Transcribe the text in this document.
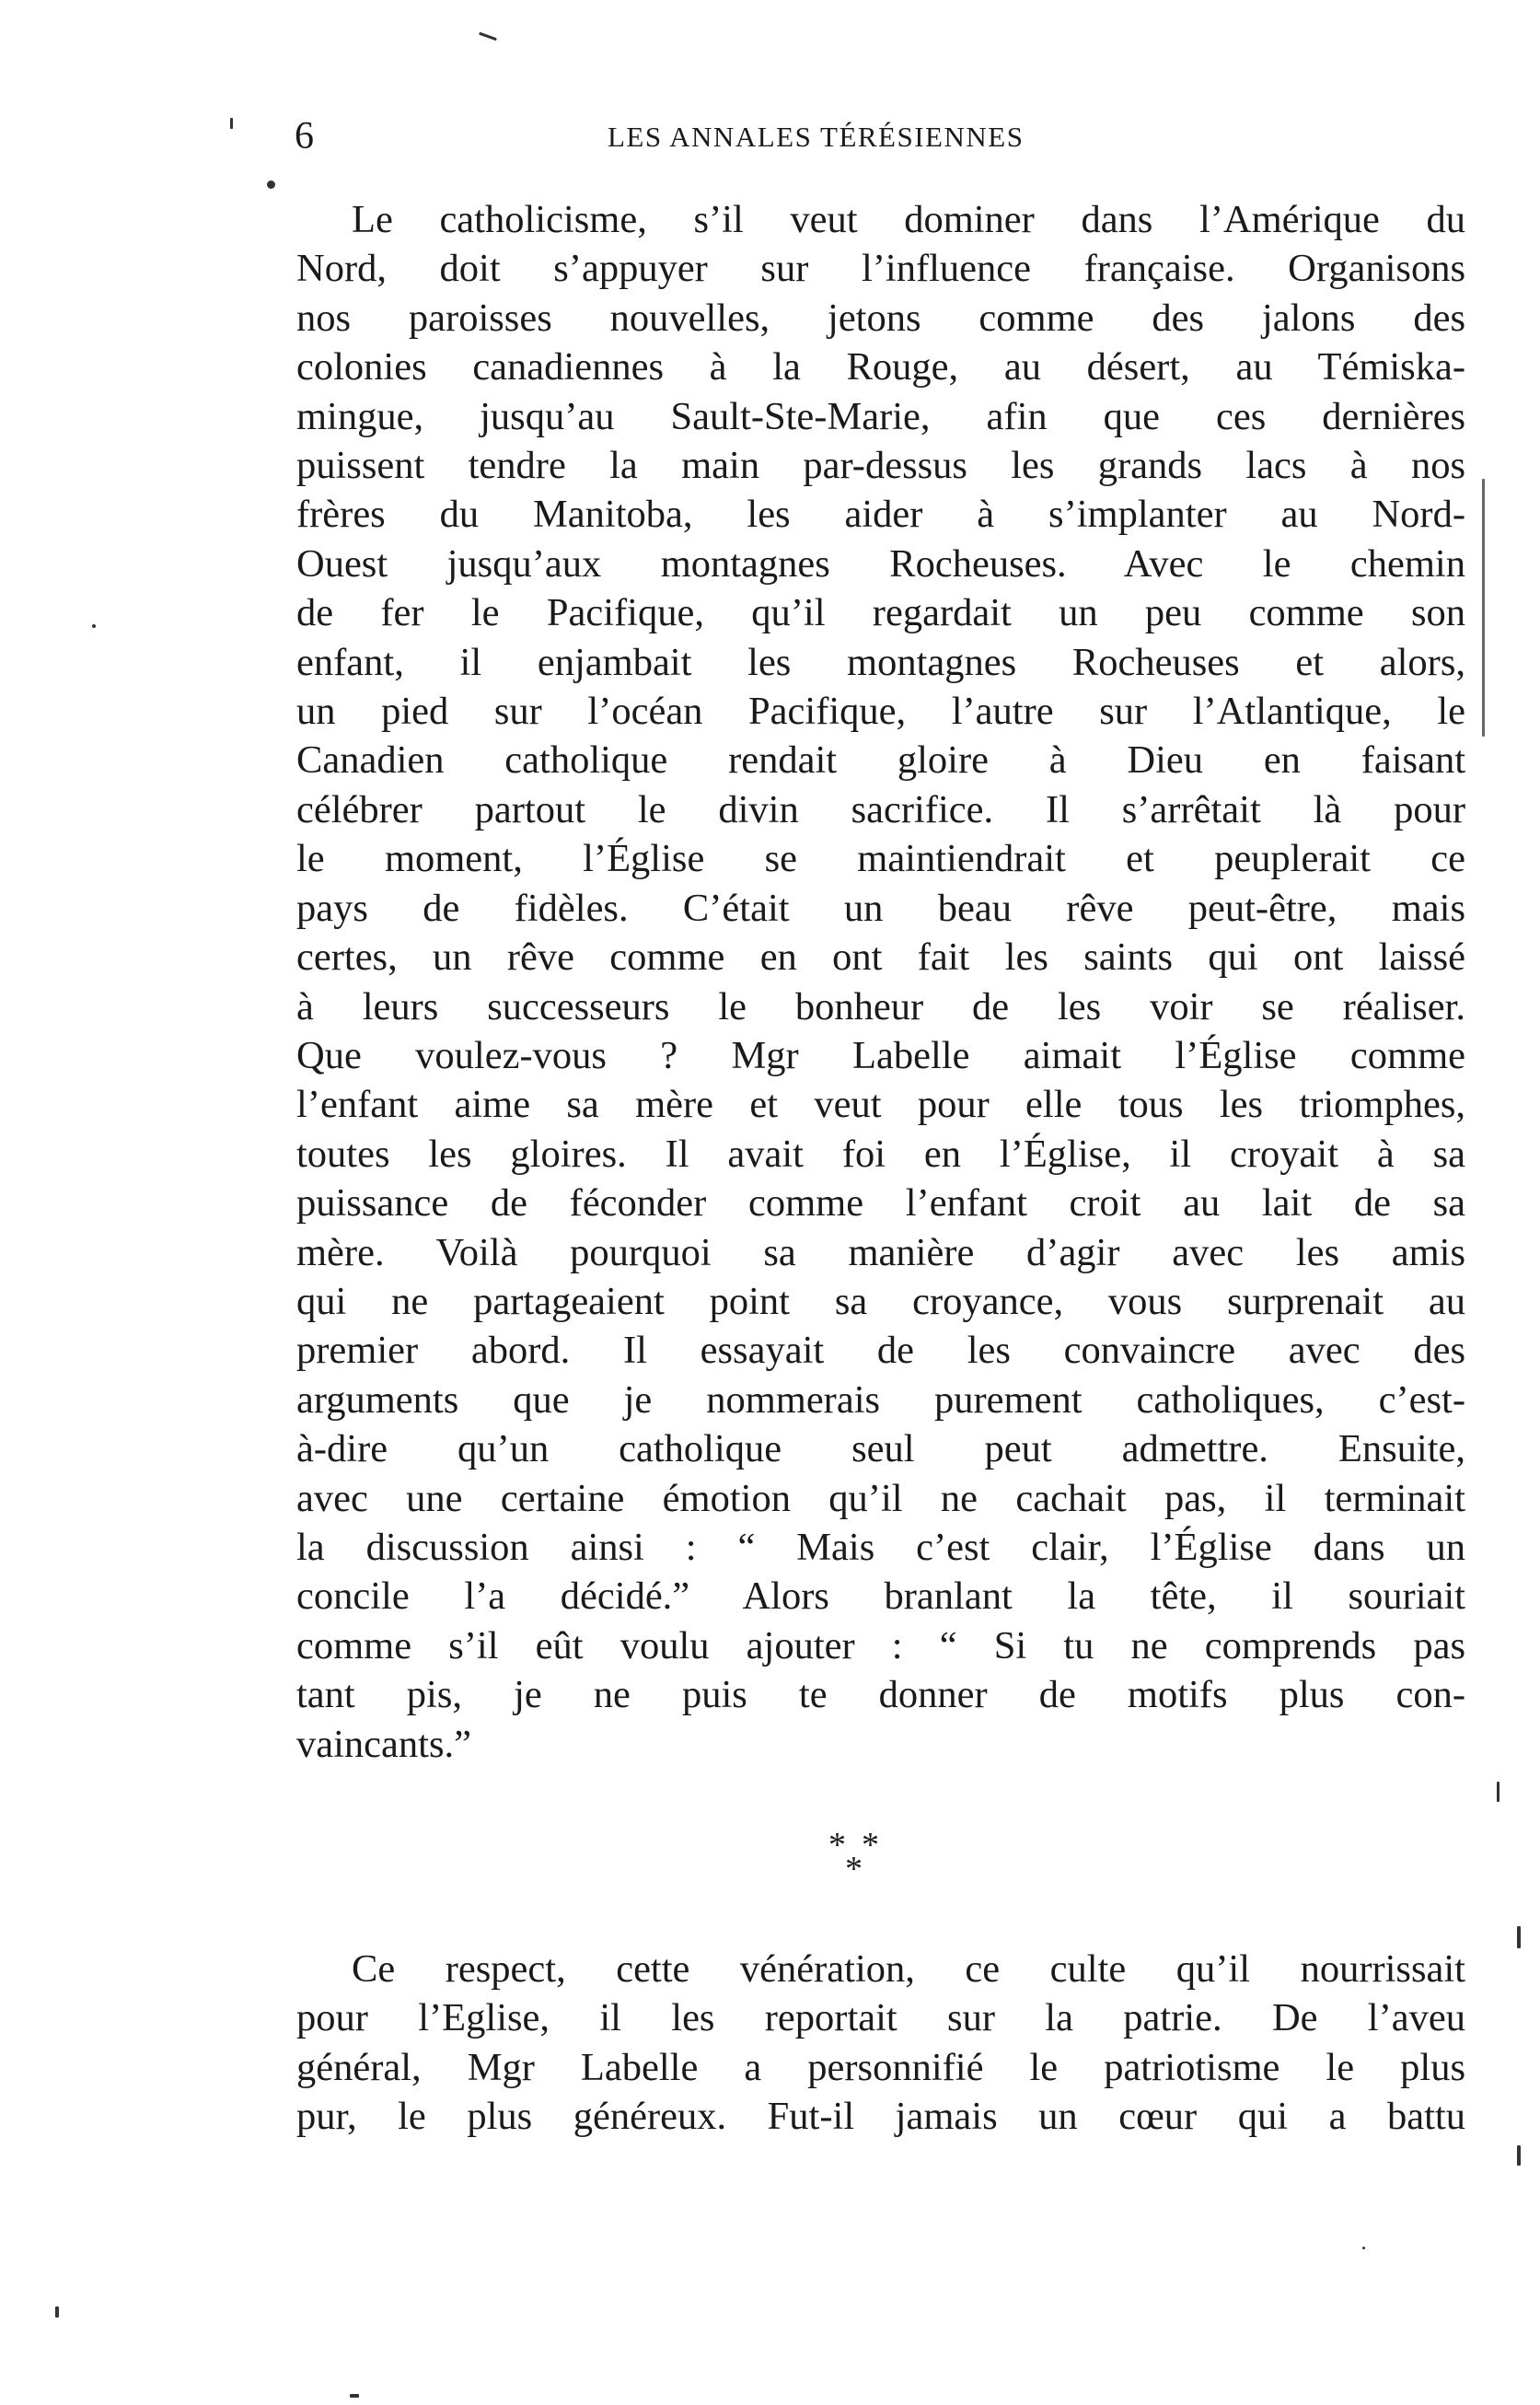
6	LES ANNALES TÉRÉSIENNES
Le catholicisme, s’il veut dominer dans l’Amérique du
Nord, doit s’appuyer sur l’influence française. Organisons
nos paroisses nouvelles, jetons comme des jalons des
colonies canadiennes à la Rouge, au désert, au Témiska-
mingue, jusqu’au Sault-Ste-Marie, afin que ces dernières
puissent tendre la main par-dessus les grands lacs à nos
frères du Manitoba, les aider à s’implanter au Nord-
Ouest jusqu’aux montagnes Rocheuses. Avec le chemin
de fer le Pacifique, qu’il regardait un peu comme son
enfant, il enjambait les montagnes Rocheuses et alors,
un pied sur l’océan Pacifique, l’autre sur l’Atlantique, le
Canadien catholique rendait gloire à Dieu en faisant
célébrer partout le divin sacrifice. Il s’arrêtait là pour
le moment, l’Église se maintiendrait et peuplerait ce
pays de fidèles. C’était un beau rêve peut-être, mais
certes, un rêve comme en ont fait les saints qui ont laissé
à leurs successeurs le bonheur de les voir se réaliser.
Que voulez-vous ? Mgr Labelle aimait l’Église comme
l’enfant aime sa mère et veut pour elle tous les triomphes,
toutes les gloires. Il avait foi en l’Église, il croyait à sa
puissance de féconder comme l’enfant croit au lait de sa
mère. Voilà pourquoi sa manière d’agir avec les amis
qui ne partageaient point sa croyance, vous surprenait au
premier abord. Il essayait de les convaincre avec des
arguments que je nommerais purement catholiques, c’est-
à-dire qu’un catholique seul peut admettre. Ensuite,
avec une certaine émotion qu’il ne cachait pas, il terminait
la discussion ainsi : “ Mais c’est clair, l’Église dans un
concile l’a décidé.” Alors branlant la tête, il souriait
comme s’il eût voulu ajouter : “ Si tu ne comprends pas
tant pis, je ne puis te donner de motifs plus con-
vaincants.”
* *
*
Ce respect, cette vénération, ce culte qu’il nourrissait
pour l’Eglise, il les reportait sur la patrie. De l’aveu
général, Mgr Labelle a personnifié le patriotisme le plus
pur, le plus généreux. Fut-il jamais un cœur qui a battu
